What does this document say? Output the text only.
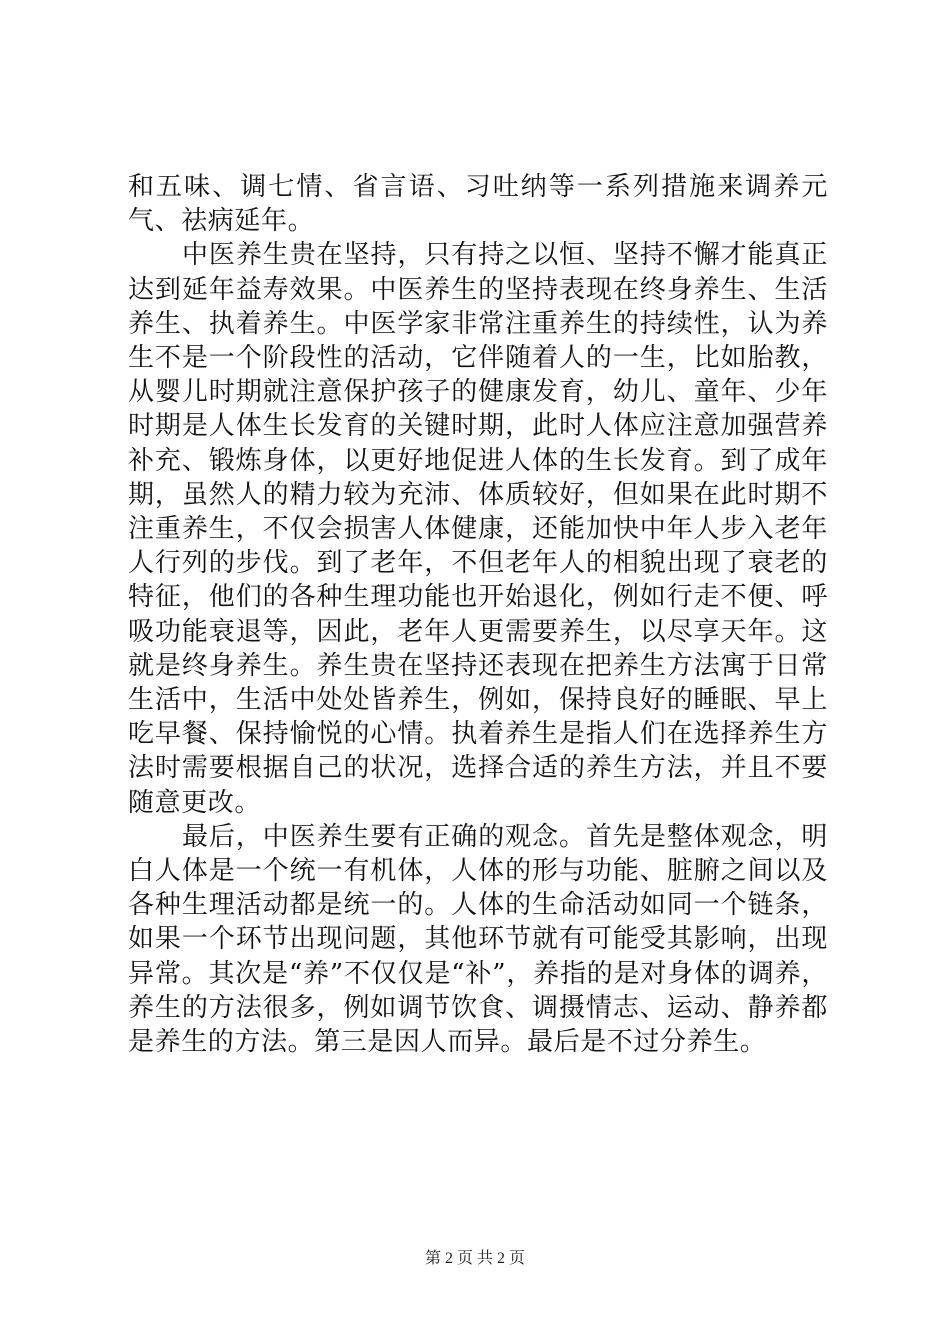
和五味、调七情、省言语、习吐纳等一系列措施来调养元气、祛病延年。

中医养生贵在坚持，只有持之以恒、坚持不懈才能真正达到延年益寿效果。中医养生的坚持表现在终身养生、生活养生、执着养生。中医学家非常注重养生的持续性，认为养生不是一个阶段性的活动，它伴随着人的一生，比如胎教，从婴儿时期就注意保护孩子的健康发育，幼儿、童年、少年时期是人体生长发育的关键时期，此时人体应注意加强营养补充、锻炼身体，以更好地促进人体的生长发育。到了成年期，虽然人的精力较为充沛、体质较好，但如果在此时期不注重养生，不仅会损害人体健康，还能加快中年人步入老年人行列的步伐。到了老年，不但老年人的相貌出现了衰老的特征，他们的各种生理功能也开始退化，例如行走不便、呼吸功能衰退等，因此，老年人更需要养生，以尽享天年。这就是终身养生。养生贵在坚持还表现在把养生方法寓于日常生活中，生活中处处皆养生，例如，保持良好的睡眠、早上吃早餐、保持愉悦的心情。执着养生是指人们在选择养生方法时需要根据自己的状况，选择合适的养生方法，并且不要随意更改。

最后，中医养生要有正确的观念。首先是整体观念，明白人体是一个统一有机体，人体的形与功能、脏腑之间以及各种生理活动都是统一的。人体的生命活动如同一个链条，如果一个环节出现问题，其他环节就有可能受其影响，出现异常。其次是“养”不仅仅是“补”，养指的是对身体的调养，养生的方法很多，例如调节饮食、调摄情志、运动、静养都是养生的方法。第三是因人而异。最后是不过分养生。

第 2 页 共 2 页
